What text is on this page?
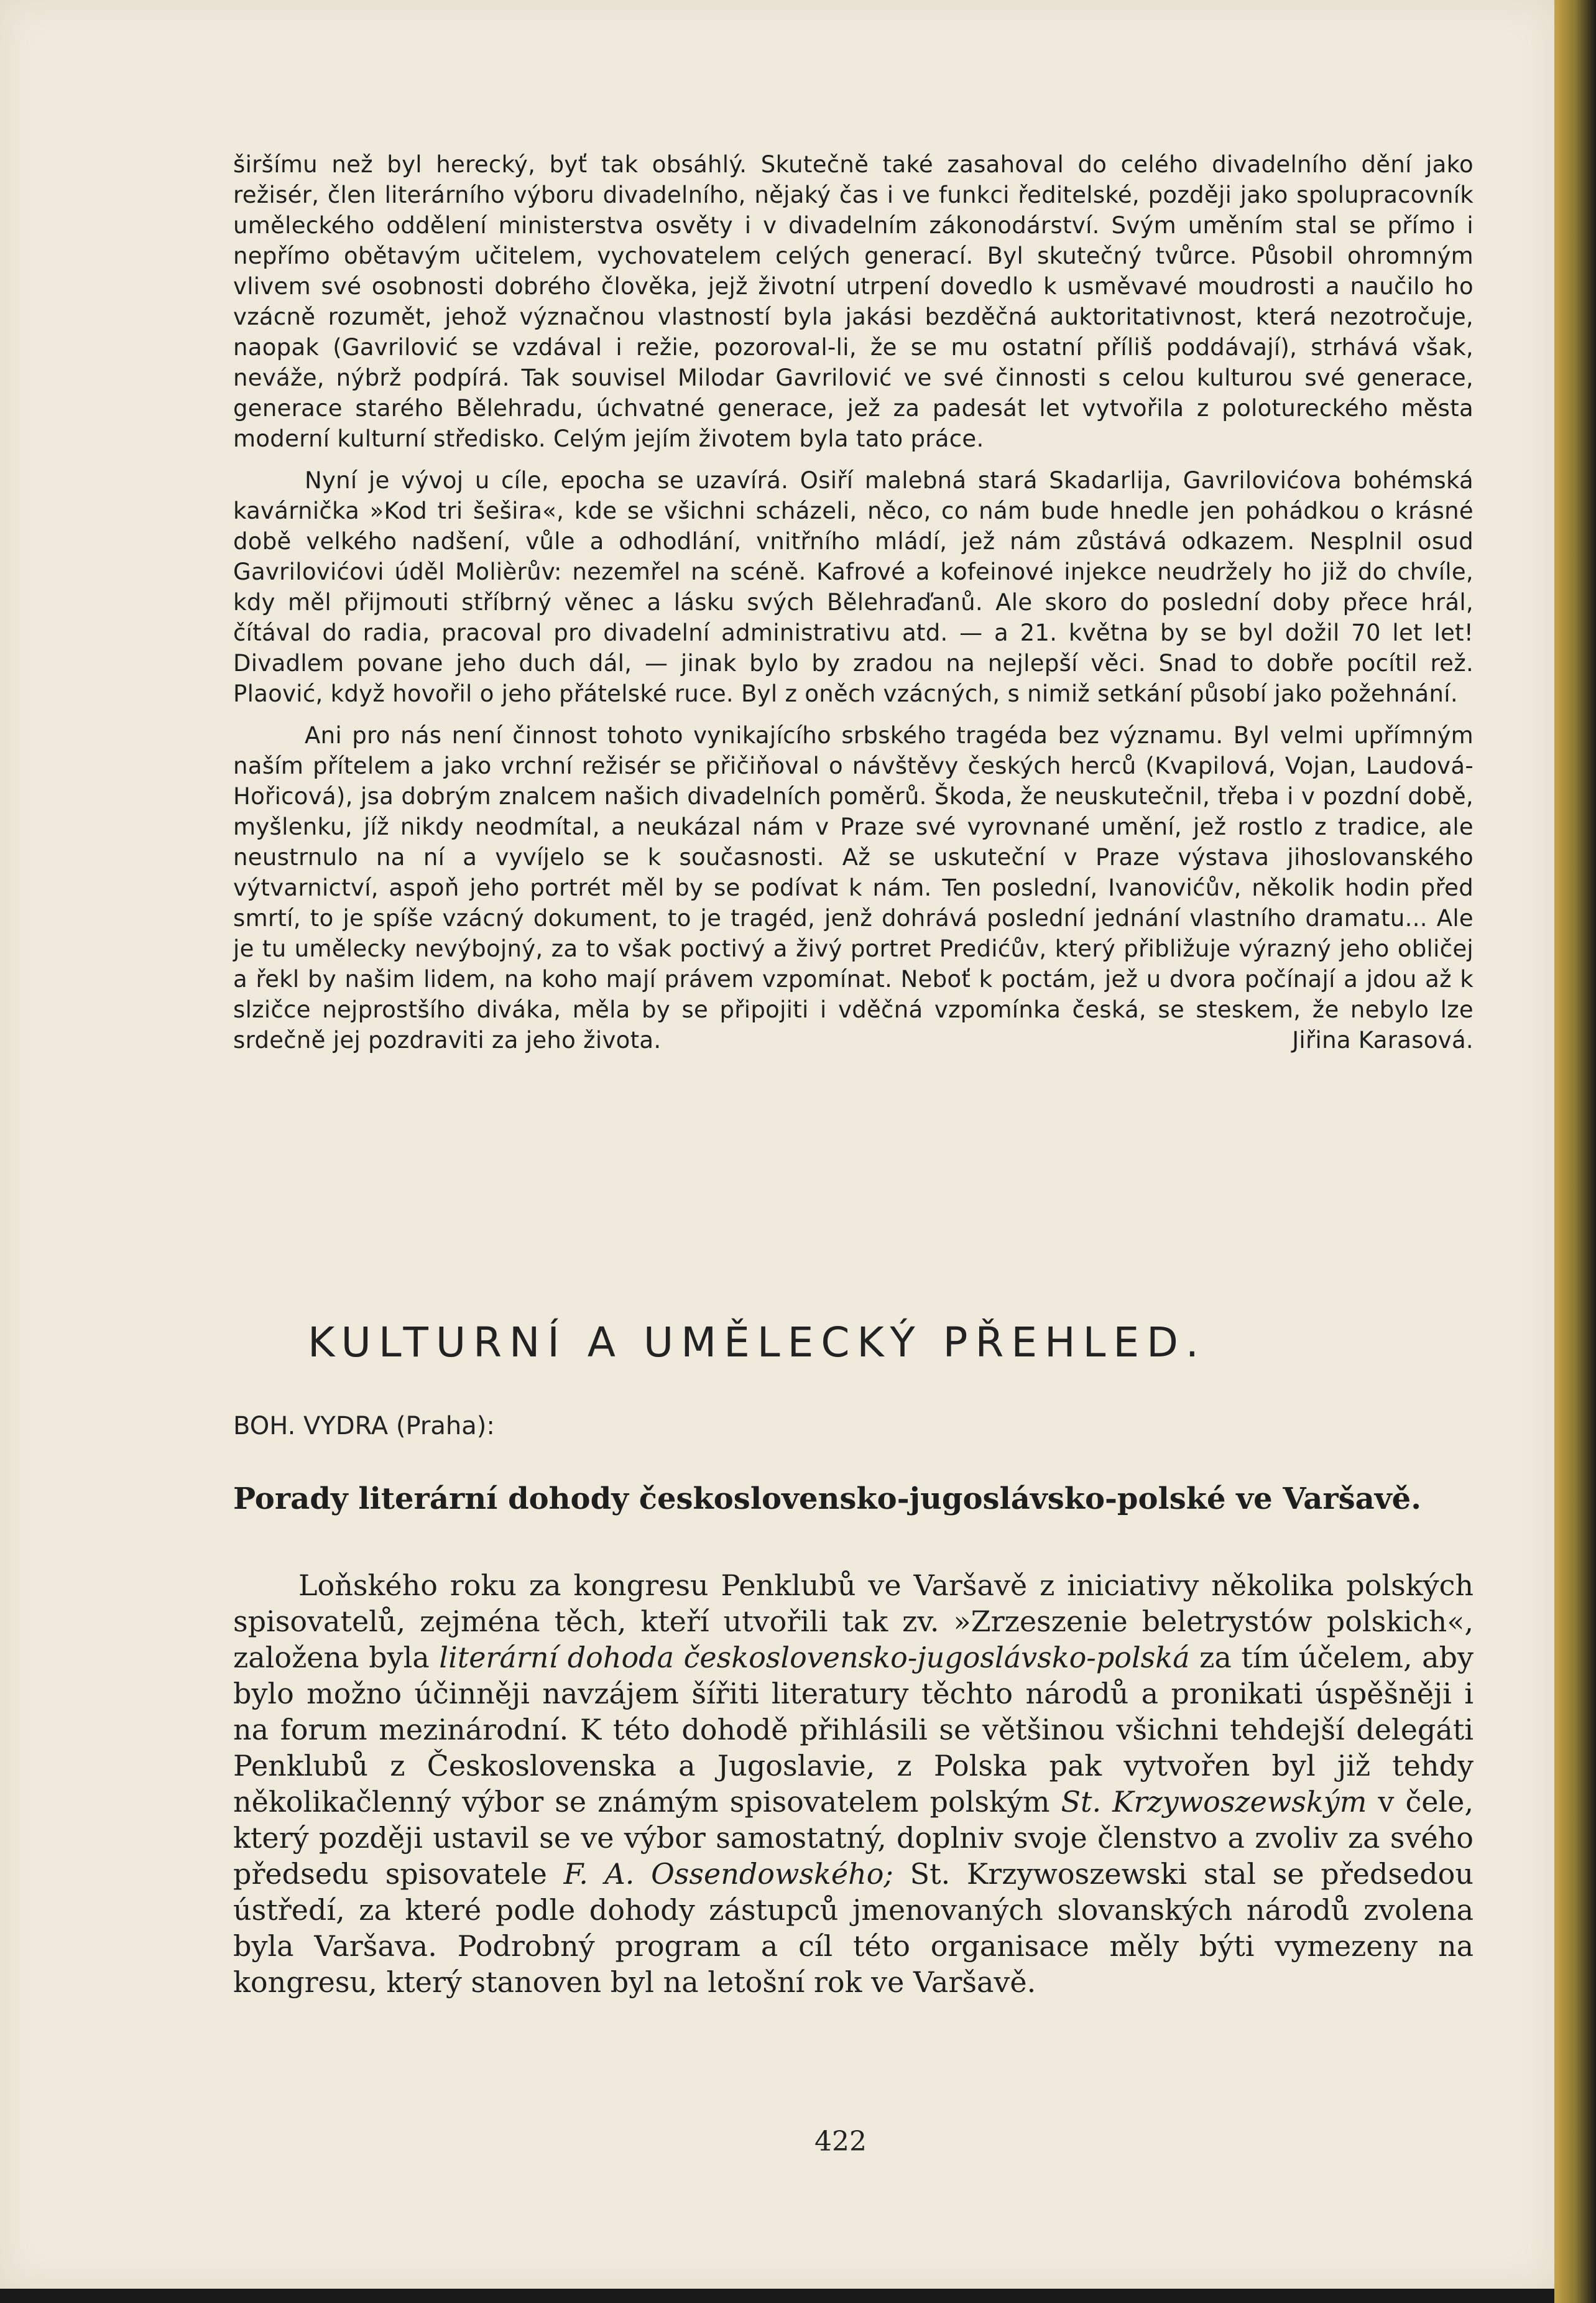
širšímu než byl herecký, byť tak obsáhlý. Skutečně také zasahoval do celého divadelního dění jako režisér, člen literárního výboru divadelního, nějaký čas i ve funkci ředitelské, později jako spolupracovník uměleckého oddělení ministerstva osvěty i v divadelním zákonodárství. Svým uměním stal se přímo i nepřímo obětavým učitelem, vychovatelem celých generací. Byl skutečný tvůrce. Působil ohromným vlivem své osobnosti dobrého člověka, jejž životní utrpení dovedlo k usměvavé moudrosti a naučilo ho vzácně rozumět, jehož význačnou vlastností byla jakási bezděčná auktoritativnost, která nezotročuje, naopak (Gavrilović se vzdával i režie, pozoroval-li, že se mu ostatní příliš poddávají), strhává však, neváže, nýbrž podpírá. Tak souvisel Milodar Gavrilović ve své činnosti s celou kulturou své generace, generace starého Bělehradu, úchvatné generace, jež za padesát let vytvořila z polotureckého města moderní kulturní středisko. Celým jejím životem byla tato práce.

Nyní je vývoj u cíle, epocha se uzavírá. Osiří malebná stará Skadarlija, Gavrilovićova bohémská kavárnička »Kod tri šešira«, kde se všichni scházeli, něco, co nám bude hnedle jen pohádkou o krásné době velkého nadšení, vůle a odhodlání, vnitřního mládí, jež nám zůstává odkazem. Nesplnil osud Gavrilovićovi úděl Molièrův: nezemřel na scéně. Kafrové a kofeinové injekce neudržely ho již do chvíle, kdy měl přijmouti stříbrný věnec a lásku svých Bělehraďanů. Ale skoro do poslední doby přece hrál, čítával do radia, pracoval pro divadelní administrativu atd. — a 21. května by se byl dožil 70 let let! Divadlem povane jeho duch dál, — jinak bylo by zradou na nejlepší věci. Snad to dobře pocítil rež. Plaović, když hovořil o jeho přátelské ruce. Byl z oněch vzácných, s nimiž setkání působí jako požehnání.

Ani pro nás není činnost tohoto vynikajícího srbského tragéda bez významu. Byl velmi upřímným naším přítelem a jako vrchní režisér se přičiňoval o návštěvy českých herců (Kvapilová, Vojan, Laudová-Hořicová), jsa dobrým znalcem našich divadelních poměrů. Škoda, že neuskutečnil, třeba i v pozdní době, myšlenku, jíž nikdy neodmítal, a neukázal nám v Praze své vyrovnané umění, jež rostlo z tradice, ale neustrnulo na ní a vyvíjelo se k současnosti. Až se uskuteční v Praze výstava jihoslovanského výtvarnictví, aspoň jeho portrét měl by se podívat k nám. Ten poslední, Ivanovićův, několik hodin před smrtí, to je spíše vzácný dokument, to je tragéd, jenž dohrává poslední jednání vlastního dramatu... Ale je tu umělecky nevýbojný, za to však poctivý a živý portret Predićův, který přibližuje výrazný jeho obličej a řekl by našim lidem, na koho mají právem vzpomínat. Neboť k poctám, jež u dvora počínají a jdou až k slzičce nejprostšího diváka, měla by se připojiti i vděčná vzpomínka česká, se steskem, že nebylo lze srdečně jej pozdraviti za jeho života.	Jiřina Karasová.

KULTURNÍ A UMĚLECKÝ PŘEHLED.

BOH. VYDRA (Praha):

Porady literární dohody československo-jugoslávsko-polské ve Varšavě.

Loňského roku za kongresu Penklubů ve Varšavě z iniciativy několika polských spisovatelů, zejména těch, kteří utvořili tak zv. »Zrzeszenie beletrystów polskich«, založena byla literární dohoda československo-jugoslávsko-polská za tím účelem, aby bylo možno účinněji navzájem šířiti literatury těchto národů a pronikati úspěšněji i na forum mezinárodní. K této dohodě přihlásili se většinou všichni tehdejší delegáti Penklubů z Československa a Jugoslavie, z Polska pak vytvořen byl již tehdy několikačlenný výbor se známým spisovatelem polským St. Krzywoszewským v čele, který později ustavil se ve výbor samostatný, doplniv svoje členstvo a zvoliv za svého předsedu spisovatele F. A. Ossendowského; St. Krzywoszewski stal se předsedou ústředí, za které podle dohody zástupců jmenovaných slovanských národů zvolena byla Varšava. Podrobný program a cíl této organisace měly býti vymezeny na kongresu, který stanoven byl na letošní rok ve Varšavě.

422
